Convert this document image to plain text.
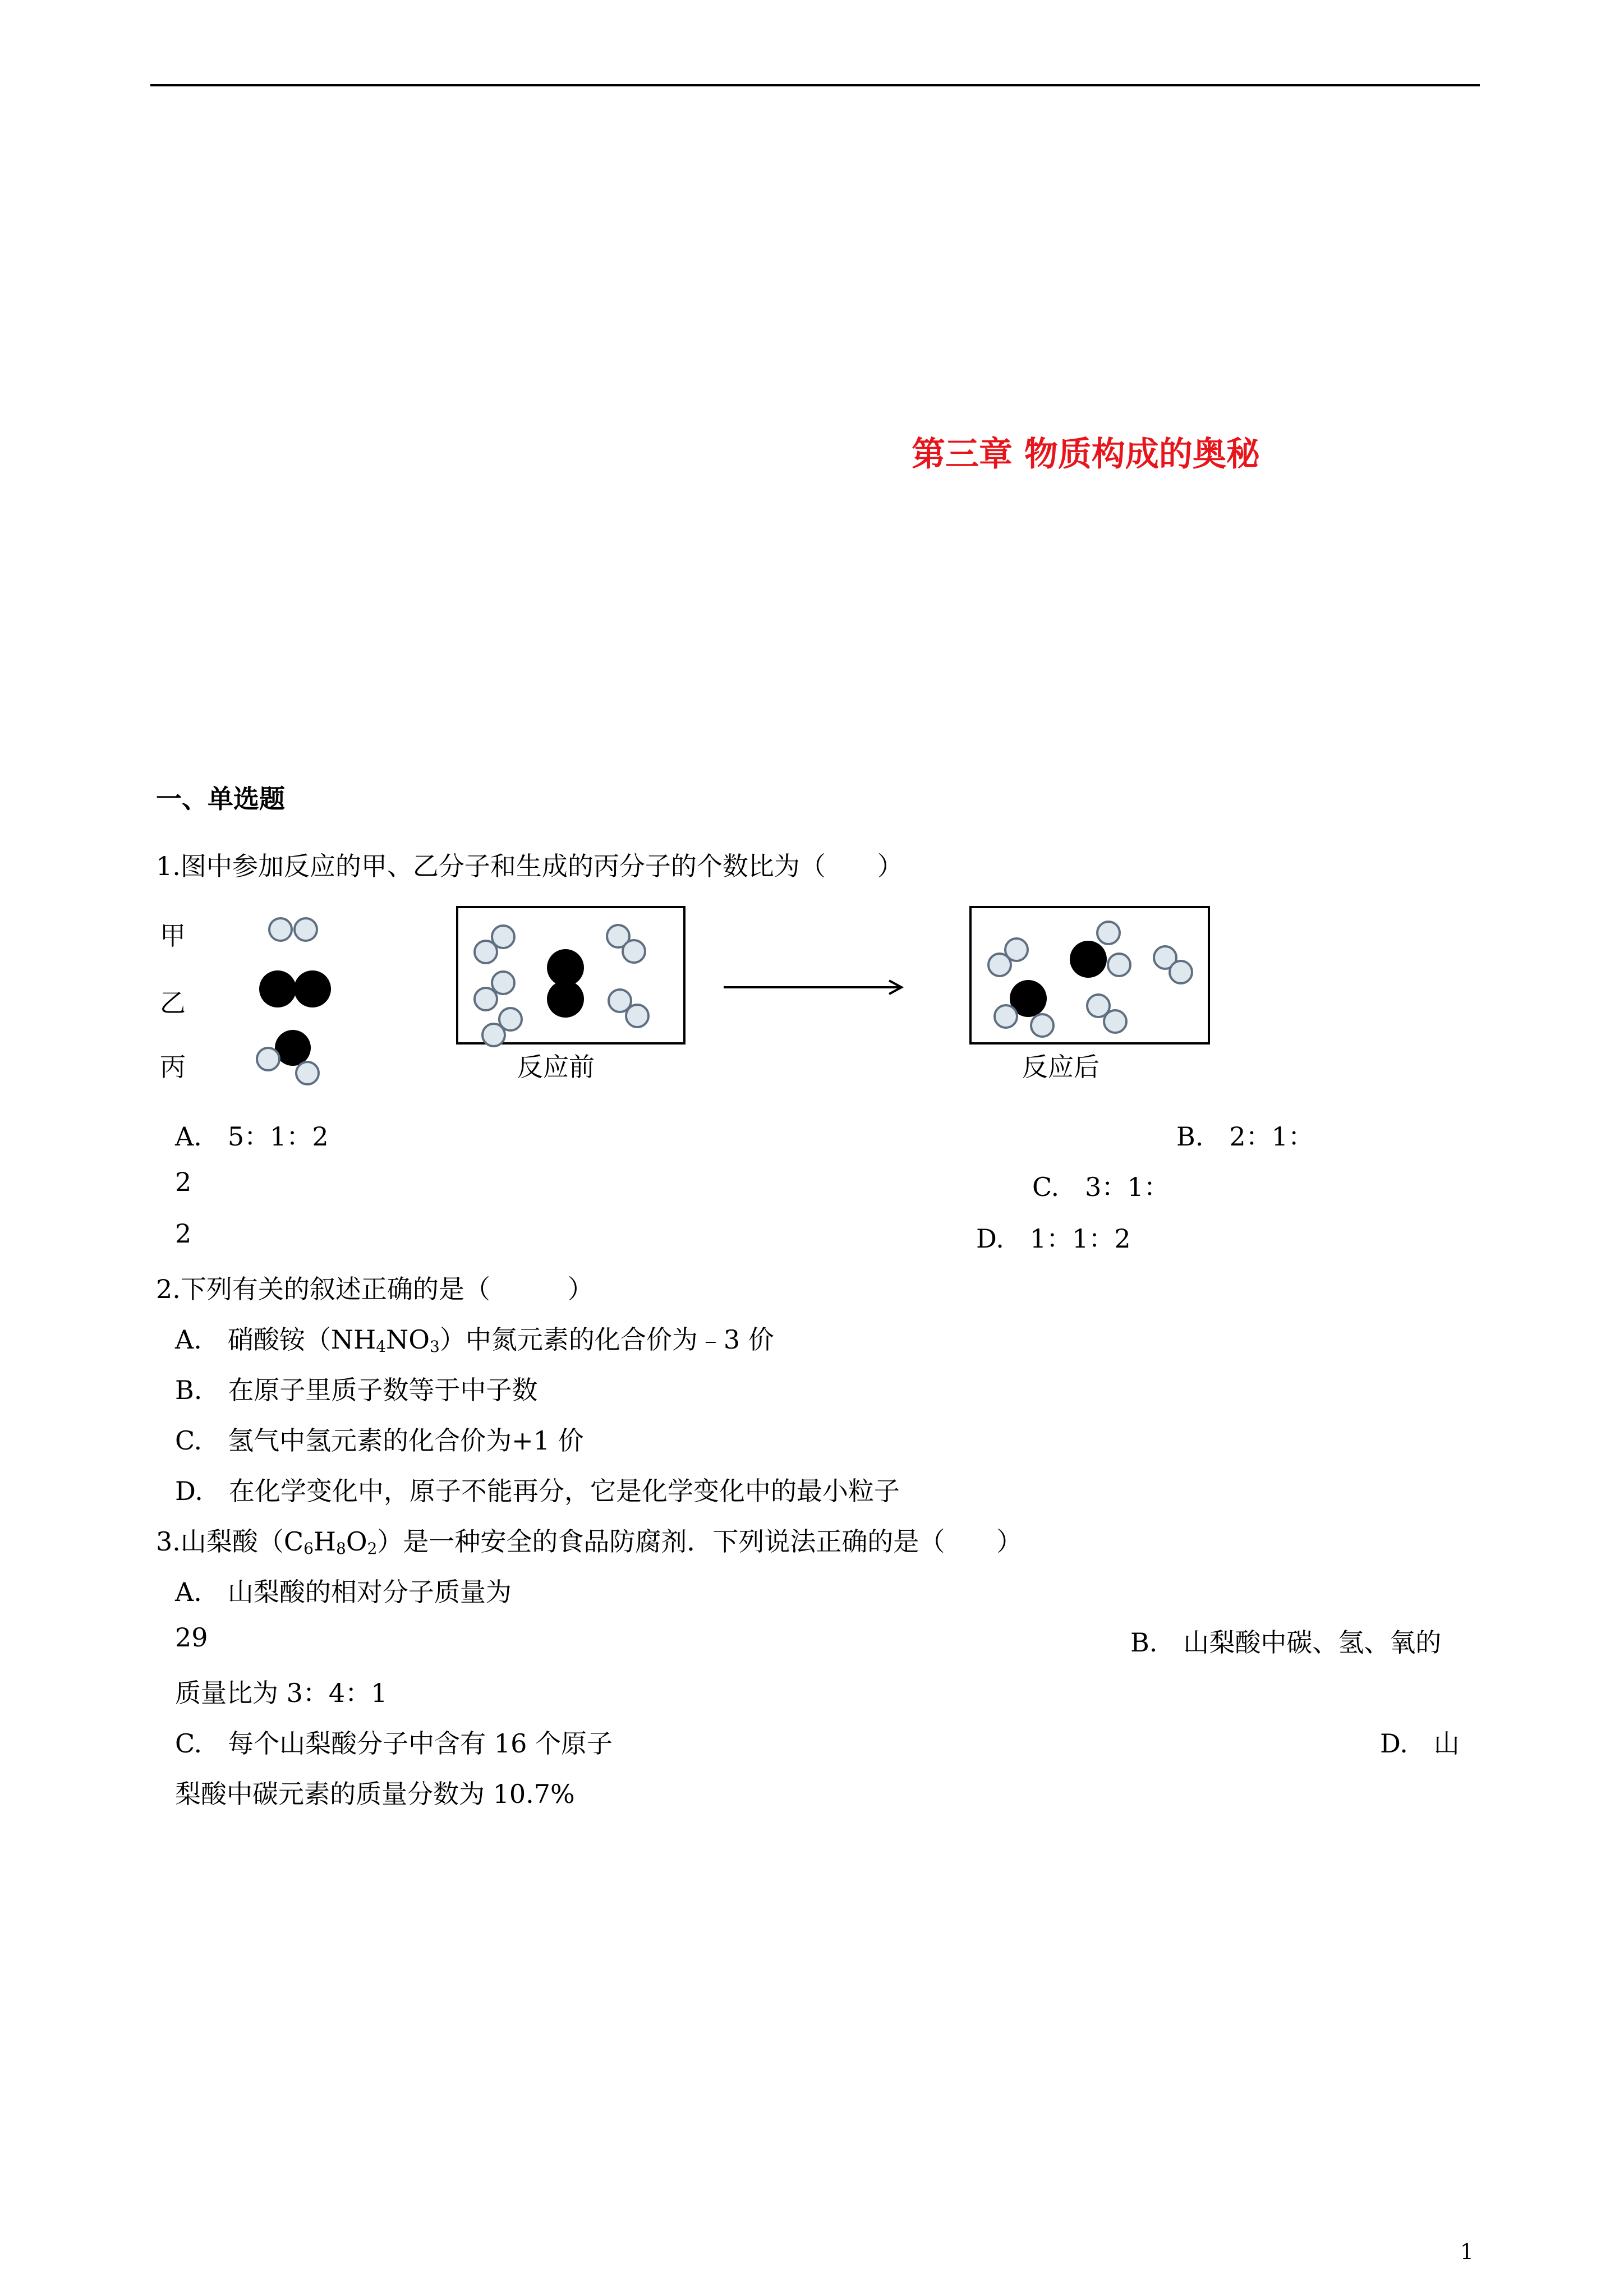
第三章 物质构成的奥秘
一、单选题
1.图中参加反应的甲、乙分子和生成的丙分子的个数比为（　　）
甲
乙
丙	反应前	反应后
A.　5：1：2	B.　2：1：
2	C.　3：1：
2	D.　1：1：2
2.下列有关的叙述正确的是（　　　）
A.　硝酸铵$(NH_4NO_3)$中氮元素的化合价为﹣3 价
B.　在原子里质子数等于中子数
C.　氢气中氢元素的化合价为+1 价
D.　在化学变化中，原子不能再分，它是化学变化中的最小粒子
3.山梨酸$(C_6H_8O_2)$是一种安全的食品防腐剂．下列说法正确的是（　　）
A.　山梨酸的相对分子质量为
29	B.　山梨酸中碳、氢、氧的
质量比为 3：4：1
C.　每个山梨酸分子中含有 16 个原子	D.　山
梨酸中碳元素的质量分数为 10.7%
1
